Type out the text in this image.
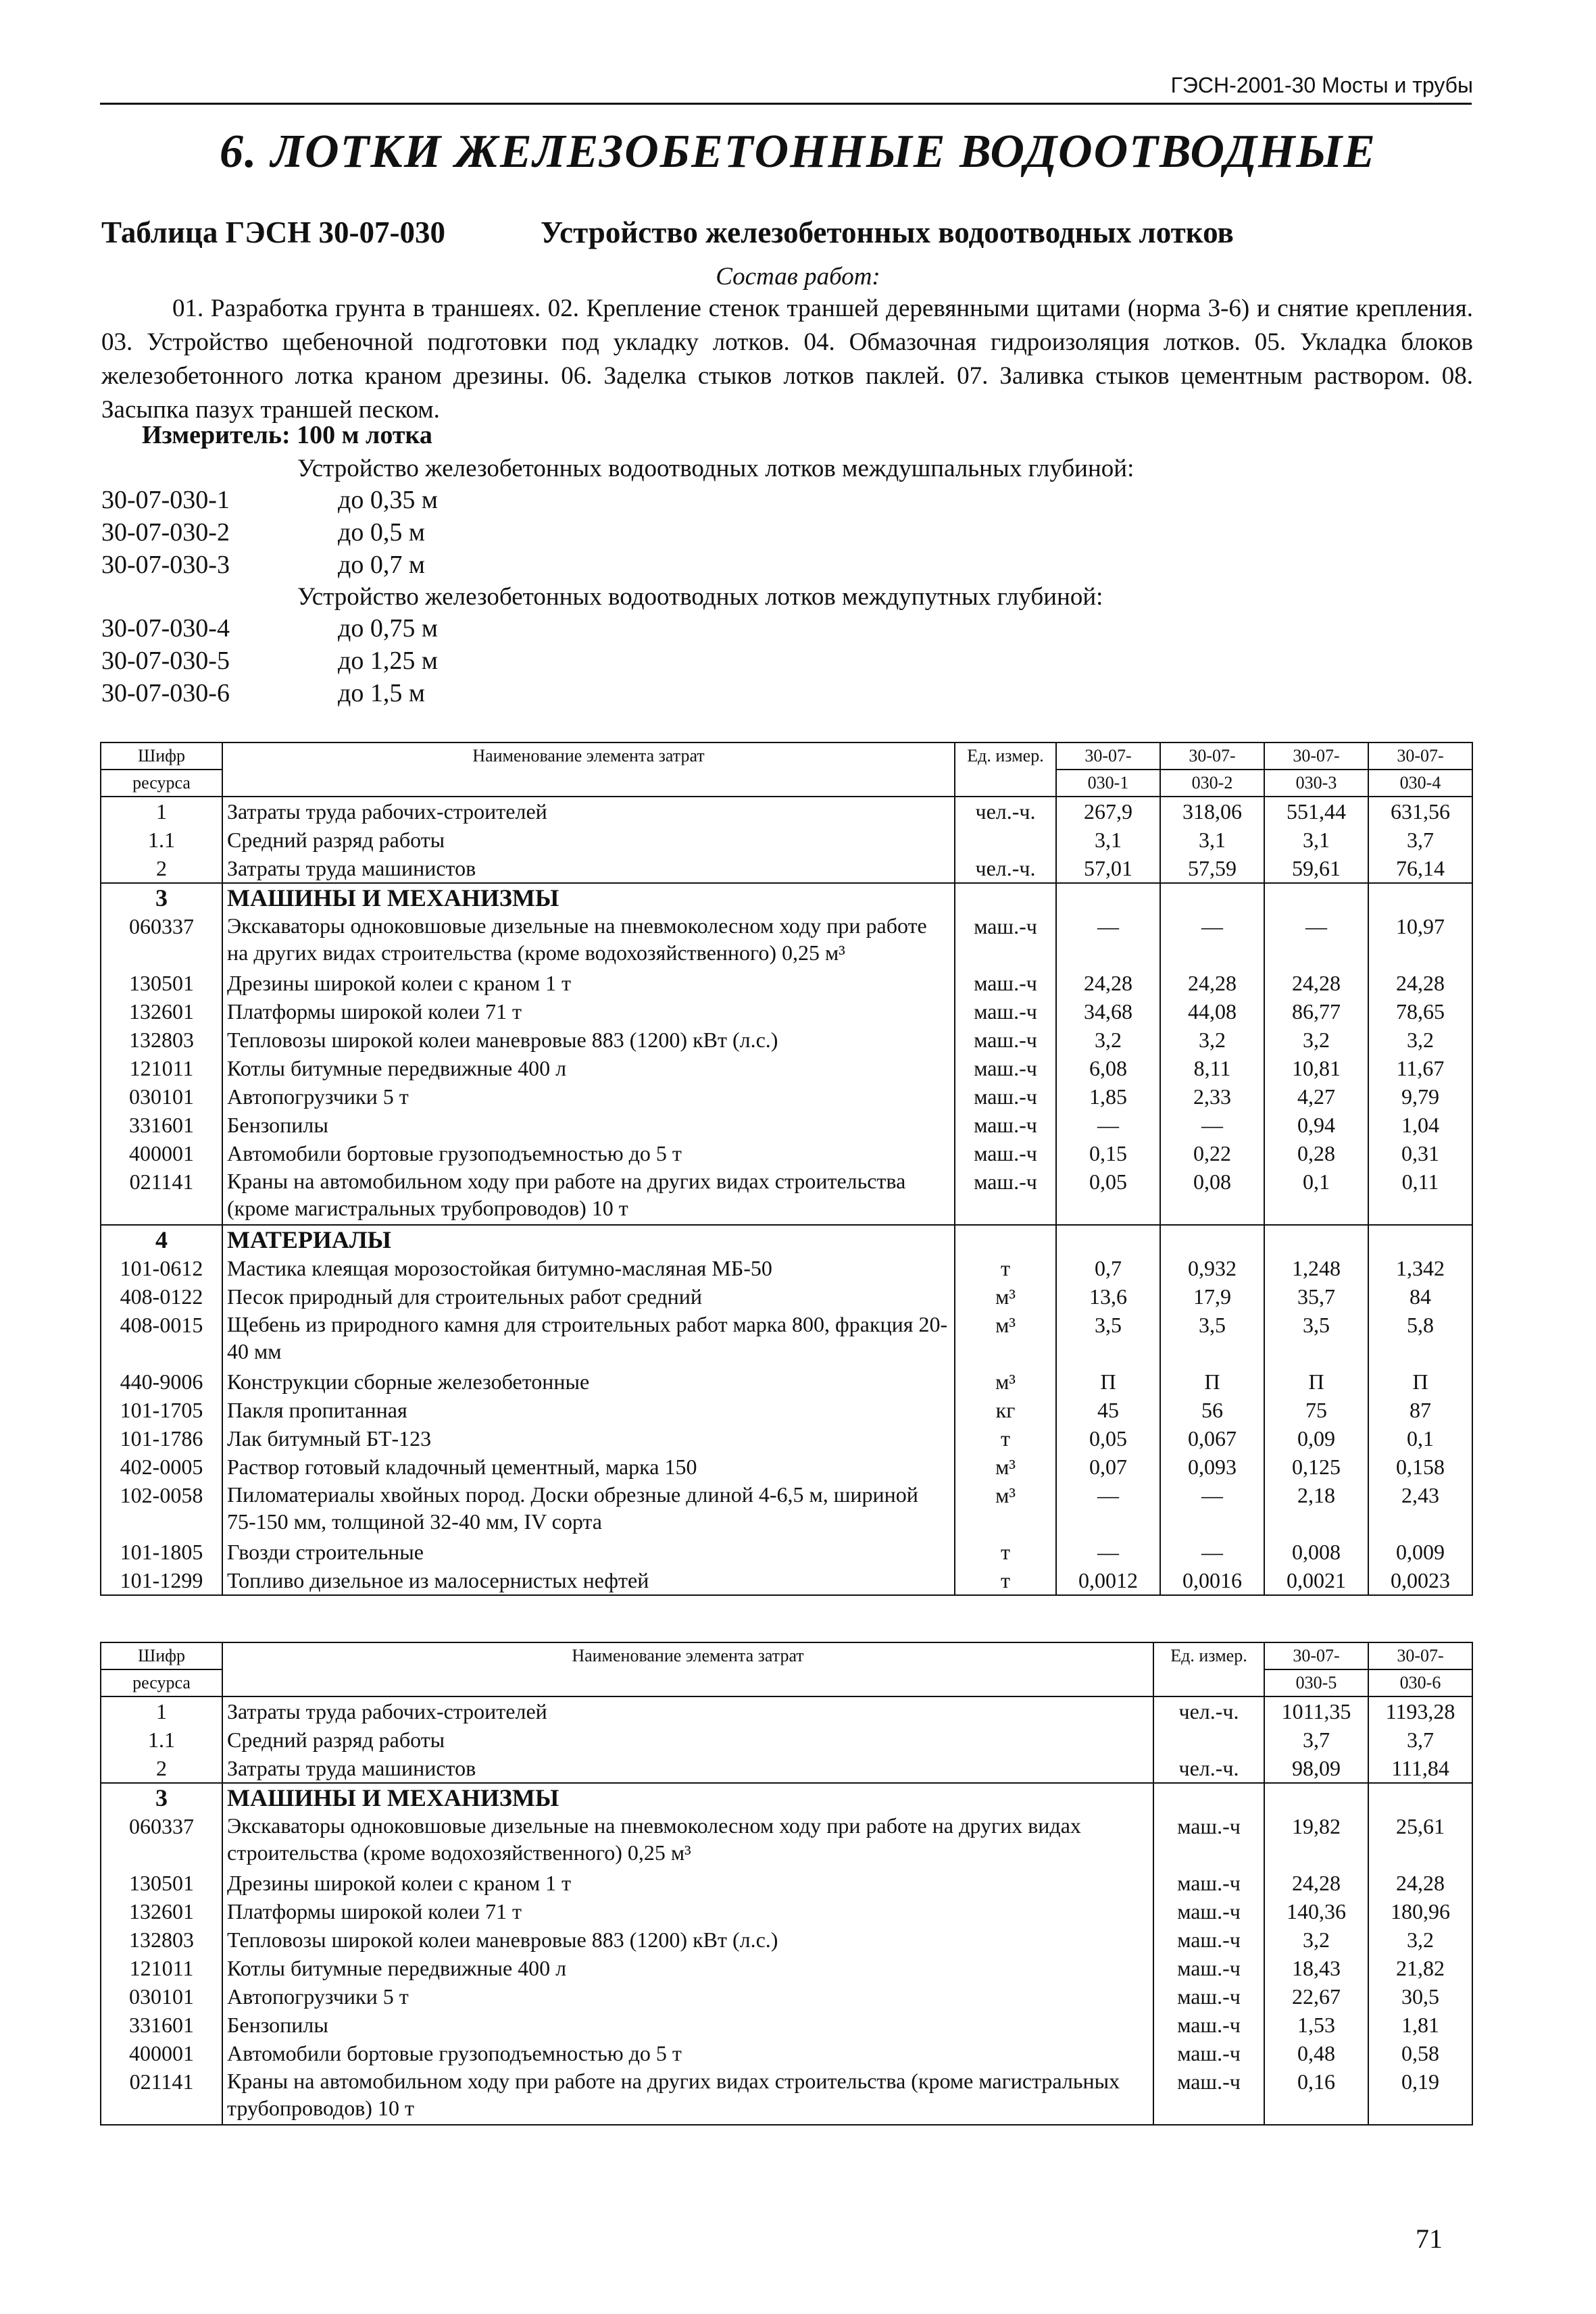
ГЭСН-2001-30 Мосты и трубы
6. ЛОТКИ ЖЕЛЕЗОБЕТОННЫЕ ВОДООТВОДНЫЕ
Таблица ГЭСН 30-07-030	Устройство железобетонных водоотводных лотков
Состав работ:
01. Разработка грунта в траншеях. 02. Крепление стенок траншей деревянными щитами (норма 3-6) и снятие крепления. 03. Устройство щебеночной подготовки под укладку лотков. 04. Обмазочная гидроизоляция лотков. 05. Укладка блоков железобетонного лотка краном дрезины. 06. Заделка стыков лотков паклей. 07. Заливка стыков цементным раствором. 08. Засыпка пазух траншей песком.
Измеритель: 100 м лотка
Устройство железобетонных водоотводных лотков междушпальных глубиной:
30-07-030-1	до 0,35 м
30-07-030-2	до 0,5 м
30-07-030-3	до 0,7 м
Устройство железобетонных водоотводных лотков междупутных глубиной:
30-07-030-4	до 0,75 м
30-07-030-5	до 1,25 м
30-07-030-6	до 1,5 м
Шифр	Наименование элемента затрат	Ед. измер.	30-07-	30-07-	30-07-	30-07-
ресурса			030-1	030-2	030-3	030-4
1	Затраты труда рабочих-строителей	чел.-ч.	267,9	318,06	551,44	631,56
1.1	Средний разряд работы		3,1	3,1	3,1	3,7
2	Затраты труда машинистов	чел.-ч.	57,01	57,59	59,61	76,14
3	МАШИНЫ И МЕХАНИЗМЫ					
060337	Экскаваторы одноковшовые дизельные на пневмоколесном ходу при работе на других видах строительства (кроме водохозяйственного) 0,25 м³	маш.-ч	—	—	—	10,97
130501	Дрезины широкой колеи с краном 1 т	маш.-ч	24,28	24,28	24,28	24,28
132601	Платформы широкой колеи 71 т	маш.-ч	34,68	44,08	86,77	78,65
132803	Тепловозы широкой колеи маневровые 883 (1200) кВт (л.с.)	маш.-ч	3,2	3,2	3,2	3,2
121011	Котлы битумные передвижные 400 л	маш.-ч	6,08	8,11	10,81	11,67
030101	Автопогрузчики 5 т	маш.-ч	1,85	2,33	4,27	9,79
331601	Бензопилы	маш.-ч	—	—	0,94	1,04
400001	Автомобили бортовые грузоподъемностью до 5 т	маш.-ч	0,15	0,22	0,28	0,31
021141	Краны на автомобильном ходу при работе на других видах строительства (кроме магистральных трубопроводов) 10 т	маш.-ч	0,05	0,08	0,1	0,11
4	МАТЕРИАЛЫ					
101-0612	Мастика клеящая морозостойкая битумно-масляная МБ-50	т	0,7	0,932	1,248	1,342
408-0122	Песок природный для строительных работ средний	м³	13,6	17,9	35,7	84
408-0015	Щебень из природного камня для строительных работ марка 800, фракция 20-40 мм	м³	3,5	3,5	3,5	5,8
440-9006	Конструкции сборные железобетонные	м³	П	П	П	П
101-1705	Пакля пропитанная	кг	45	56	75	87
101-1786	Лак битумный БТ-123	т	0,05	0,067	0,09	0,1
402-0005	Раствор готовый кладочный цементный, марка 150	м³	0,07	0,093	0,125	0,158
102-0058	Пиломатериалы хвойных пород. Доски обрезные длиной 4-6,5 м, шириной 75-150 мм, толщиной 32-40 мм, IV сорта	м³	—	—	2,18	2,43
101-1805	Гвозди строительные	т	—	—	0,008	0,009
101-1299	Топливо дизельное из малосернистых нефтей	т	0,0012	0,0016	0,0021	0,0023
Шифр	Наименование элемента затрат	Ед. измер.	30-07-	30-07-
ресурса			030-5	030-6
1	Затраты труда рабочих-строителей	чел.-ч.	1011,35	1193,28
1.1	Средний разряд работы		3,7	3,7
2	Затраты труда машинистов	чел.-ч.	98,09	111,84
3	МАШИНЫ И МЕХАНИЗМЫ			
060337	Экскаваторы одноковшовые дизельные на пневмоколесном ходу при работе на других видах строительства (кроме водохозяйственного) 0,25 м³	маш.-ч	19,82	25,61
130501	Дрезины широкой колеи с краном 1 т	маш.-ч	24,28	24,28
132601	Платформы широкой колеи 71 т	маш.-ч	140,36	180,96
132803	Тепловозы широкой колеи маневровые 883 (1200) кВт (л.с.)	маш.-ч	3,2	3,2
121011	Котлы битумные передвижные 400 л	маш.-ч	18,43	21,82
030101	Автопогрузчики 5 т	маш.-ч	22,67	30,5
331601	Бензопилы	маш.-ч	1,53	1,81
400001	Автомобили бортовые грузоподъемностью до 5 т	маш.-ч	0,48	0,58
021141	Краны на автомобильном ходу при работе на других видах строительства (кроме магистральных трубопроводов) 10 т	маш.-ч	0,16	0,19
71
